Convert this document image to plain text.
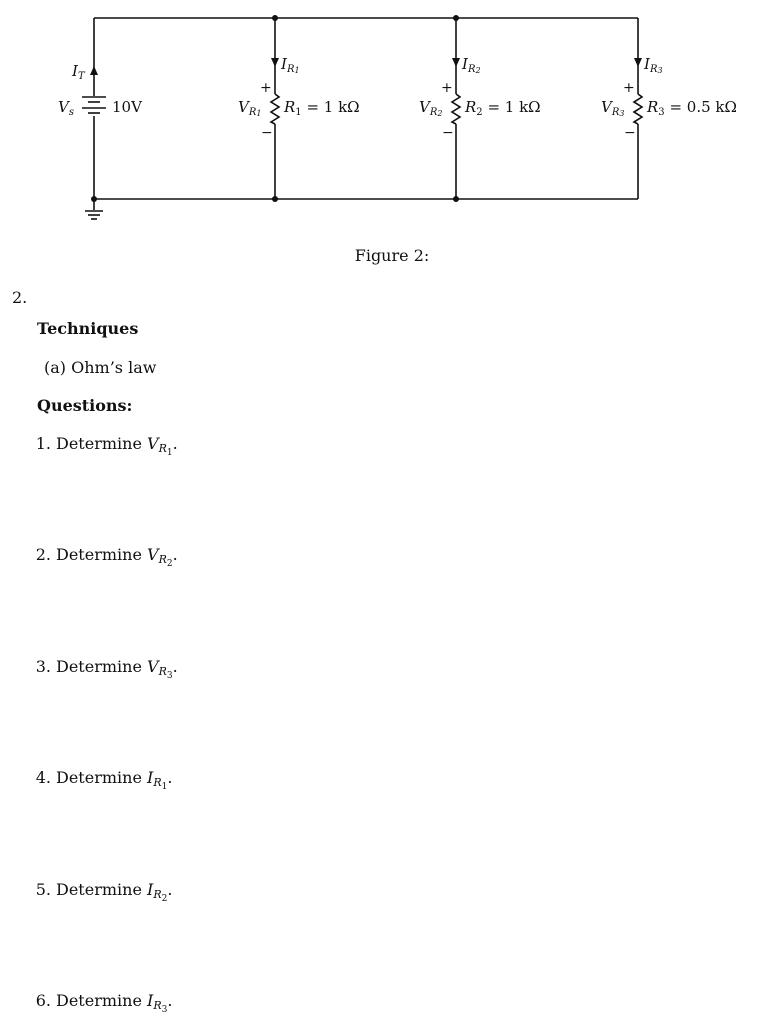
$I_T$
$V_s$	10V
$I_R1$
+
−
$V_R1$ $R_1 = 1$ kΩ
$I_R2$
+
−
$V_R2$ $R_2 = 1$ kΩ
$I_R3$
+
−
$V_R3$ $R_3 = 0.5$ kΩ
Figure 2:
2.
Techniques
(a) Ohm’s law
Questions:
1. Determine $V_{R_1}$.
2. Determine $V_{R_2}$.
3. Determine $V_{R_3}$.
4. Determine $I_{R_1}$.
5. Determine $I_{R_2}$.
6. Determine $I_{R_3}$.
